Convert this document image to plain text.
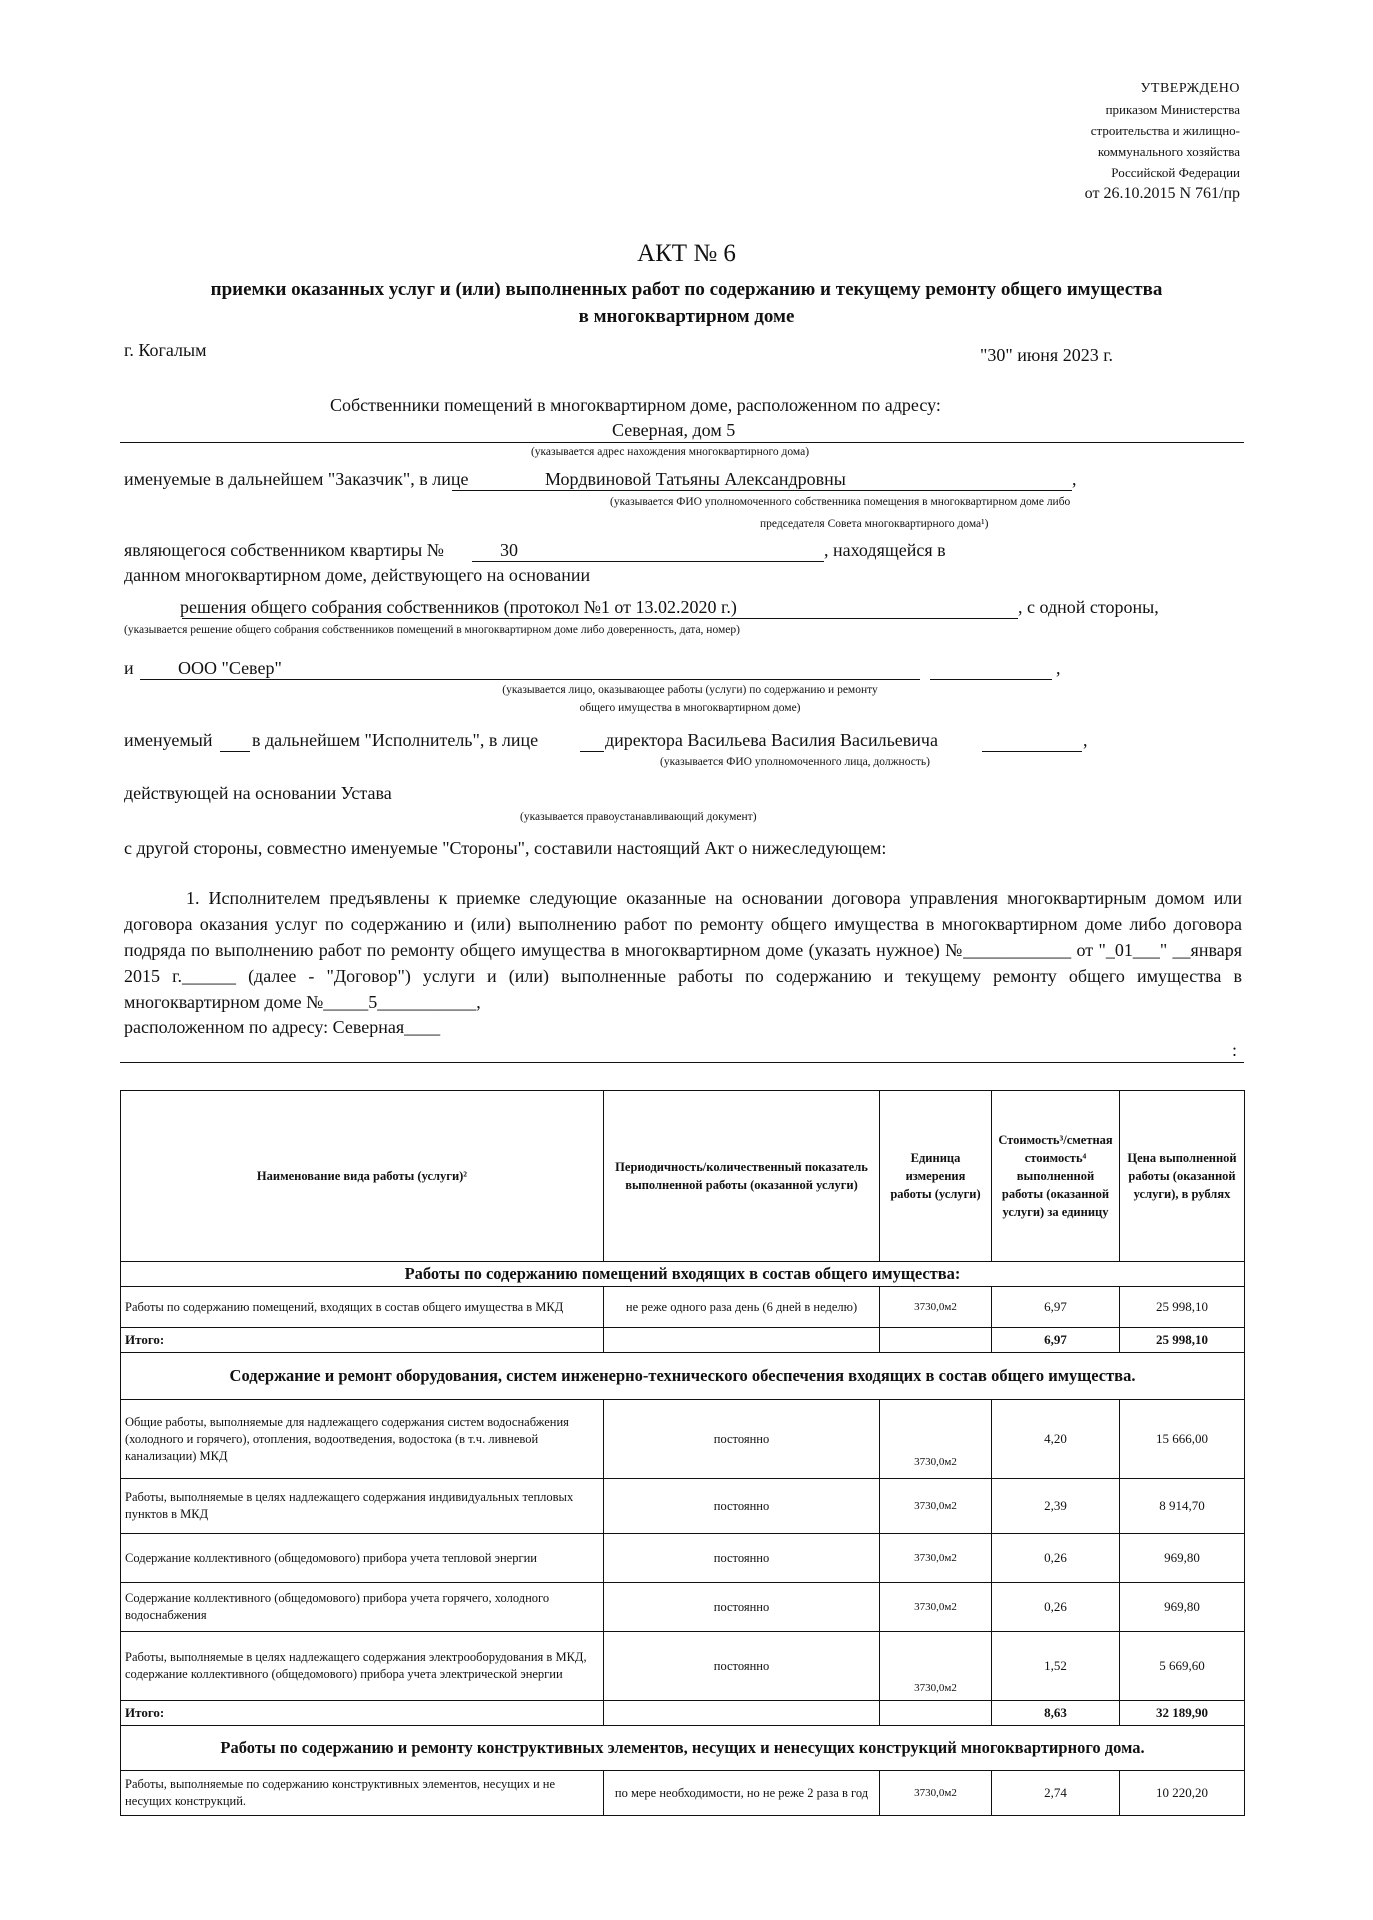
УТВЕРЖДЕНО
приказом Министерства
строительства и жилищно-
коммунального хозяйства
Российской Федерации
от 26.10.2015 N 761/пр
АКТ № 6
приемки оказанных услуг и (или) выполненных работ по содержанию и текущему ремонту общего имущества
в многоквартирном доме
г. Когалым	"30" июня 2023 г.
Собственники помещений в многоквартирном доме, расположенном по адресу:
Северная, дом 5
(указывается адрес нахождения многоквартирного дома)
именуемые в дальнейшем "Заказчик", в лице	Мордвиновой Татьяны Александровны	,
(указывается ФИО уполномоченного собственника помещения в многоквартирном доме либо
председателя Совета многоквартирного дома¹)
являющегося собственником квартиры №	30	, находящейся в
данном многоквартирном доме, действующего на основании
решения общего собрания собственников (протокол №1 от 13.02.2020 г.)	, с одной стороны,
(указывается решение общего собрания собственников помещений в многоквартирном доме либо доверенность, дата, номер)
и ООО "Север"	,
(указывается лицо, оказывающее работы (услуги) по содержанию и ремонту
общего имущества в многоквартирном доме)
именуемый в дальнейшем "Исполнитель", в лице	директора Васильева Василия Васильевича	,
(указывается ФИО уполномоченного лица, должность)
действующей на основании Устава
(указывается правоустанавливающий документ)
с другой стороны, совместно именуемые "Стороны", составили настоящий Акт о нижеследующем:
1. Исполнителем предъявлены к приемке следующие оказанные на основании договора управления многоквартирным домом или договора оказания услуг по содержанию и (или) выполнению работ по ремонту общего имущества в многоквартирном доме либо договора подряда по выполнению работ по ремонту общего имущества в многоквартирном доме (указать нужное) №____________ от "_01___" __января 2015 г.______ (далее - "Договор") услуги и (или) выполненные работы по содержанию и текущему ремонту общего имущества в многоквартирном доме №_____5___________,
расположенном по адресу: Северная____
:
Наименование вида работы (услуги)²	Периодичность/количественный показатель выполненной работы (оказанной услуги)	Единица измерения работы (услуги)	Стоимость³/сметная стоимость⁴ выполненной работы (оказанной услуги) за единицу	Цена выполненной работы (оказанной услуги), в рублях
Работы по содержанию помещений входящих в состав общего имущества:				
Работы по содержанию помещений, входящих в состав общего имущества в МКД	не реже одного раза день (6 дней в неделю)	3730,0м2	6,97	25 998,10
Итого:			6,97	25 998,10
Содержание и ремонт оборудования, систем инженерно-технического обеспечения входящих в состав общего имущества.				
Общие работы, выполняемые для надлежащего содержания систем водоснабжения (холодного и горячего), отопления, водоотведения, водостока (в т.ч. ливневой канализации) МКД	постоянно	3730,0м2	4,20	15 666,00
Работы, выполняемые в целях надлежащего содержания индивидуальных тепловых пунктов в МКД	постоянно	3730,0м2	2,39	8 914,70
Содержание коллективного (общедомового) прибора учета тепловой энергии	постоянно	3730,0м2	0,26	969,80
Содержание коллективного (общедомового) прибора учета горячего, холодного водоснабжения	постоянно	3730,0м2	0,26	969,80
Работы, выполняемые в целях надлежащего содержания электрооборудования в МКД, содержание коллективного (общедомового) прибора учета электрической энергии	постоянно	3730,0м2	1,52	5 669,60
Итого:			8,63	32 189,90
Работы по содержанию и ремонту конструктивных элементов, несущих и ненесущих конструкций многоквартирного дома.				
Работы, выполняемые по содержанию конструктивных элементов, несущих и не несущих конструкций.	по мере необходимости, но не реже 2 раза в год	3730,0м2	2,74	10 220,20
